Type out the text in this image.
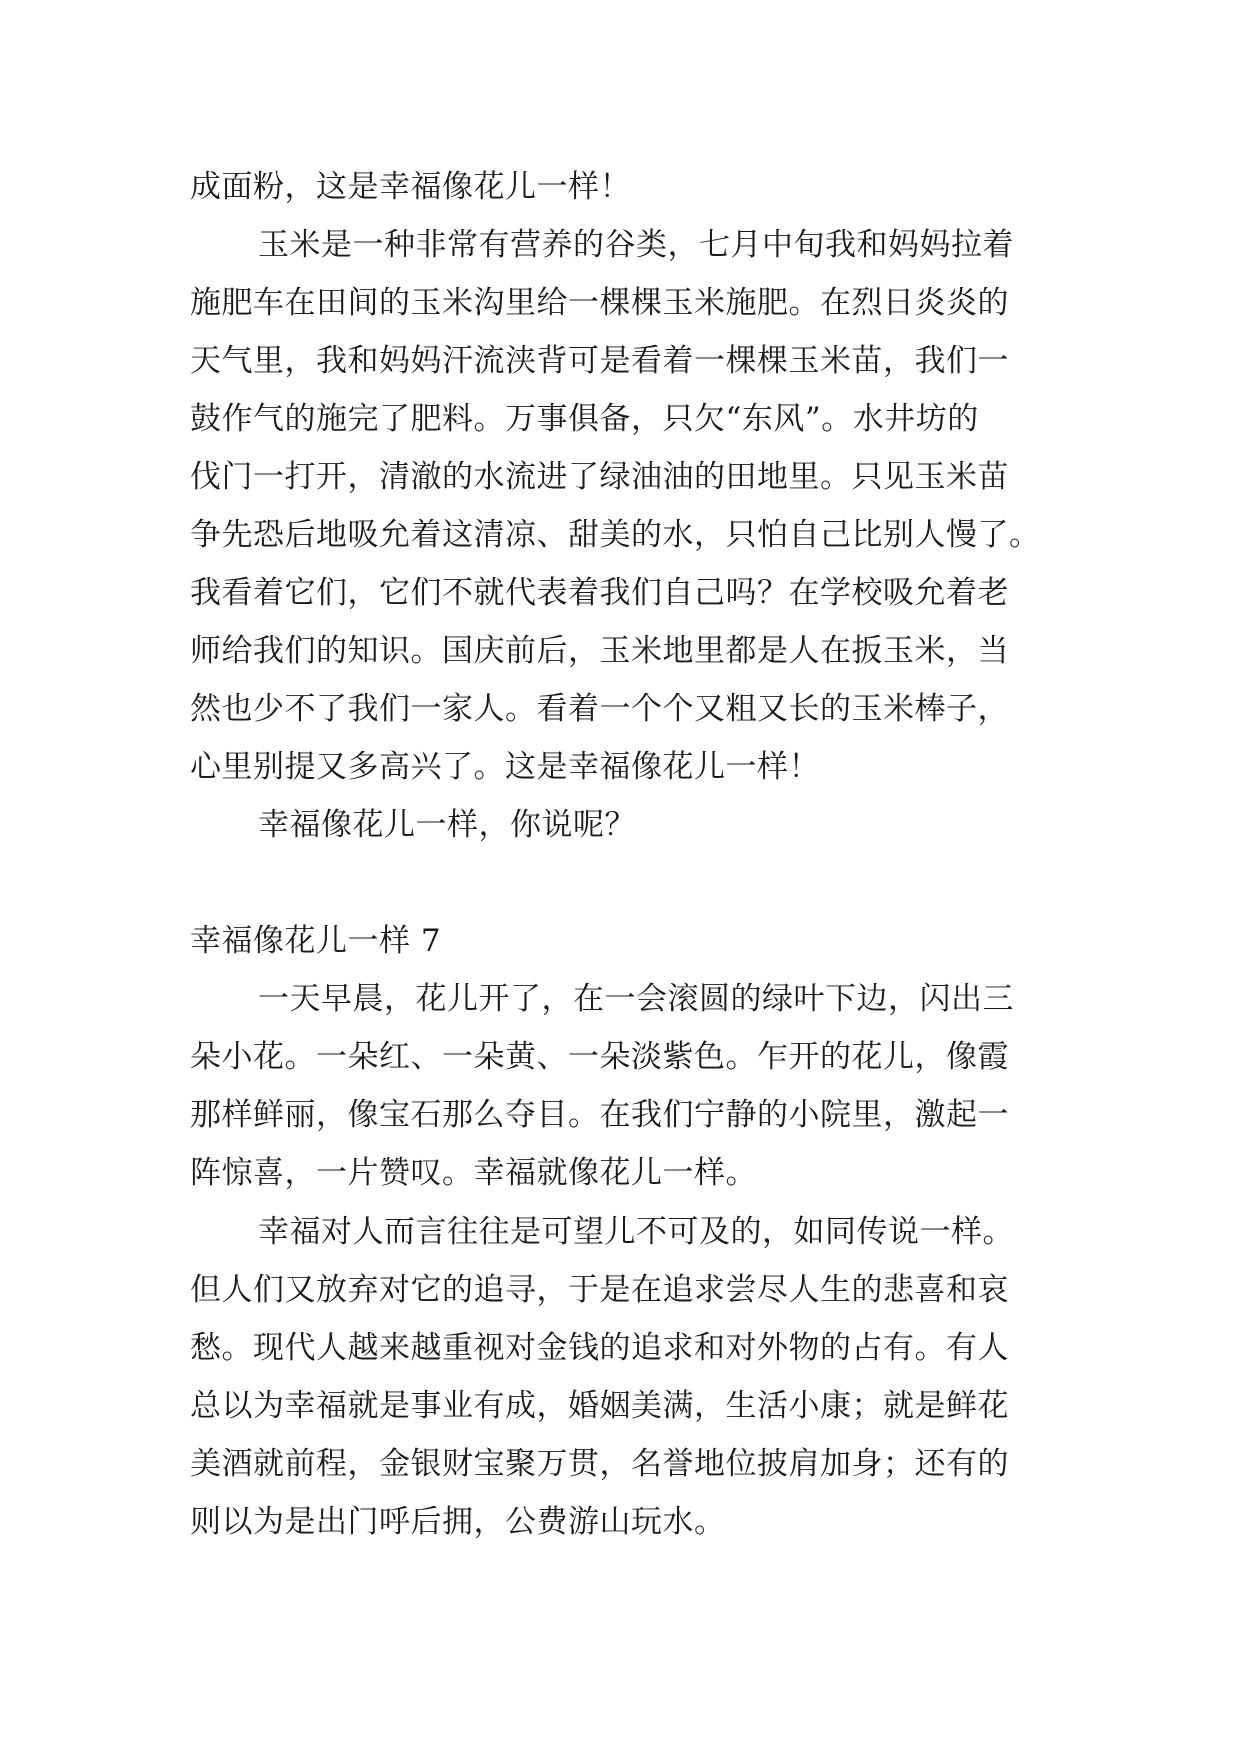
成面粉，这是幸福像花儿一样！
玉米是一种非常有营养的谷类，七月中旬我和妈妈拉着
施肥车在田间的玉米沟里给一棵棵玉米施肥。在烈日炎炎的
天气里，我和妈妈汗流浃背可是看着一棵棵玉米苗，我们一
鼓作气的施完了肥料。万事俱备，只欠“东风”。水井坊的
伐门一打开，清澈的水流进了绿油油的田地里。只见玉米苗
争先恐后地吸允着这清凉、甜美的水，只怕自己比别人慢了。
我看着它们，它们不就代表着我们自己吗？在学校吸允着老
师给我们的知识。国庆前后，玉米地里都是人在扳玉米，当
然也少不了我们一家人。看着一个个又粗又长的玉米棒子，
心里别提又多高兴了。这是幸福像花儿一样！
幸福像花儿一样，你说呢？
幸福像花儿一样 7
一天早晨，花儿开了，在一会滚圆的绿叶下边，闪出三
朵小花。一朵红、一朵黄、一朵淡紫色。乍开的花儿，像霞
那样鲜丽，像宝石那么夺目。在我们宁静的小院里，激起一
阵惊喜，一片赞叹。幸福就像花儿一样。
幸福对人而言往往是可望儿不可及的，如同传说一样。
但人们又放弃对它的追寻，于是在追求尝尽人生的悲喜和哀
愁。现代人越来越重视对金钱的追求和对外物的占有。有人
总以为幸福就是事业有成，婚姻美满，生活小康；就是鲜花
美酒就前程，金银财宝聚万贯，名誉地位披肩加身；还有的
则以为是出门呼后拥，公费游山玩水。
